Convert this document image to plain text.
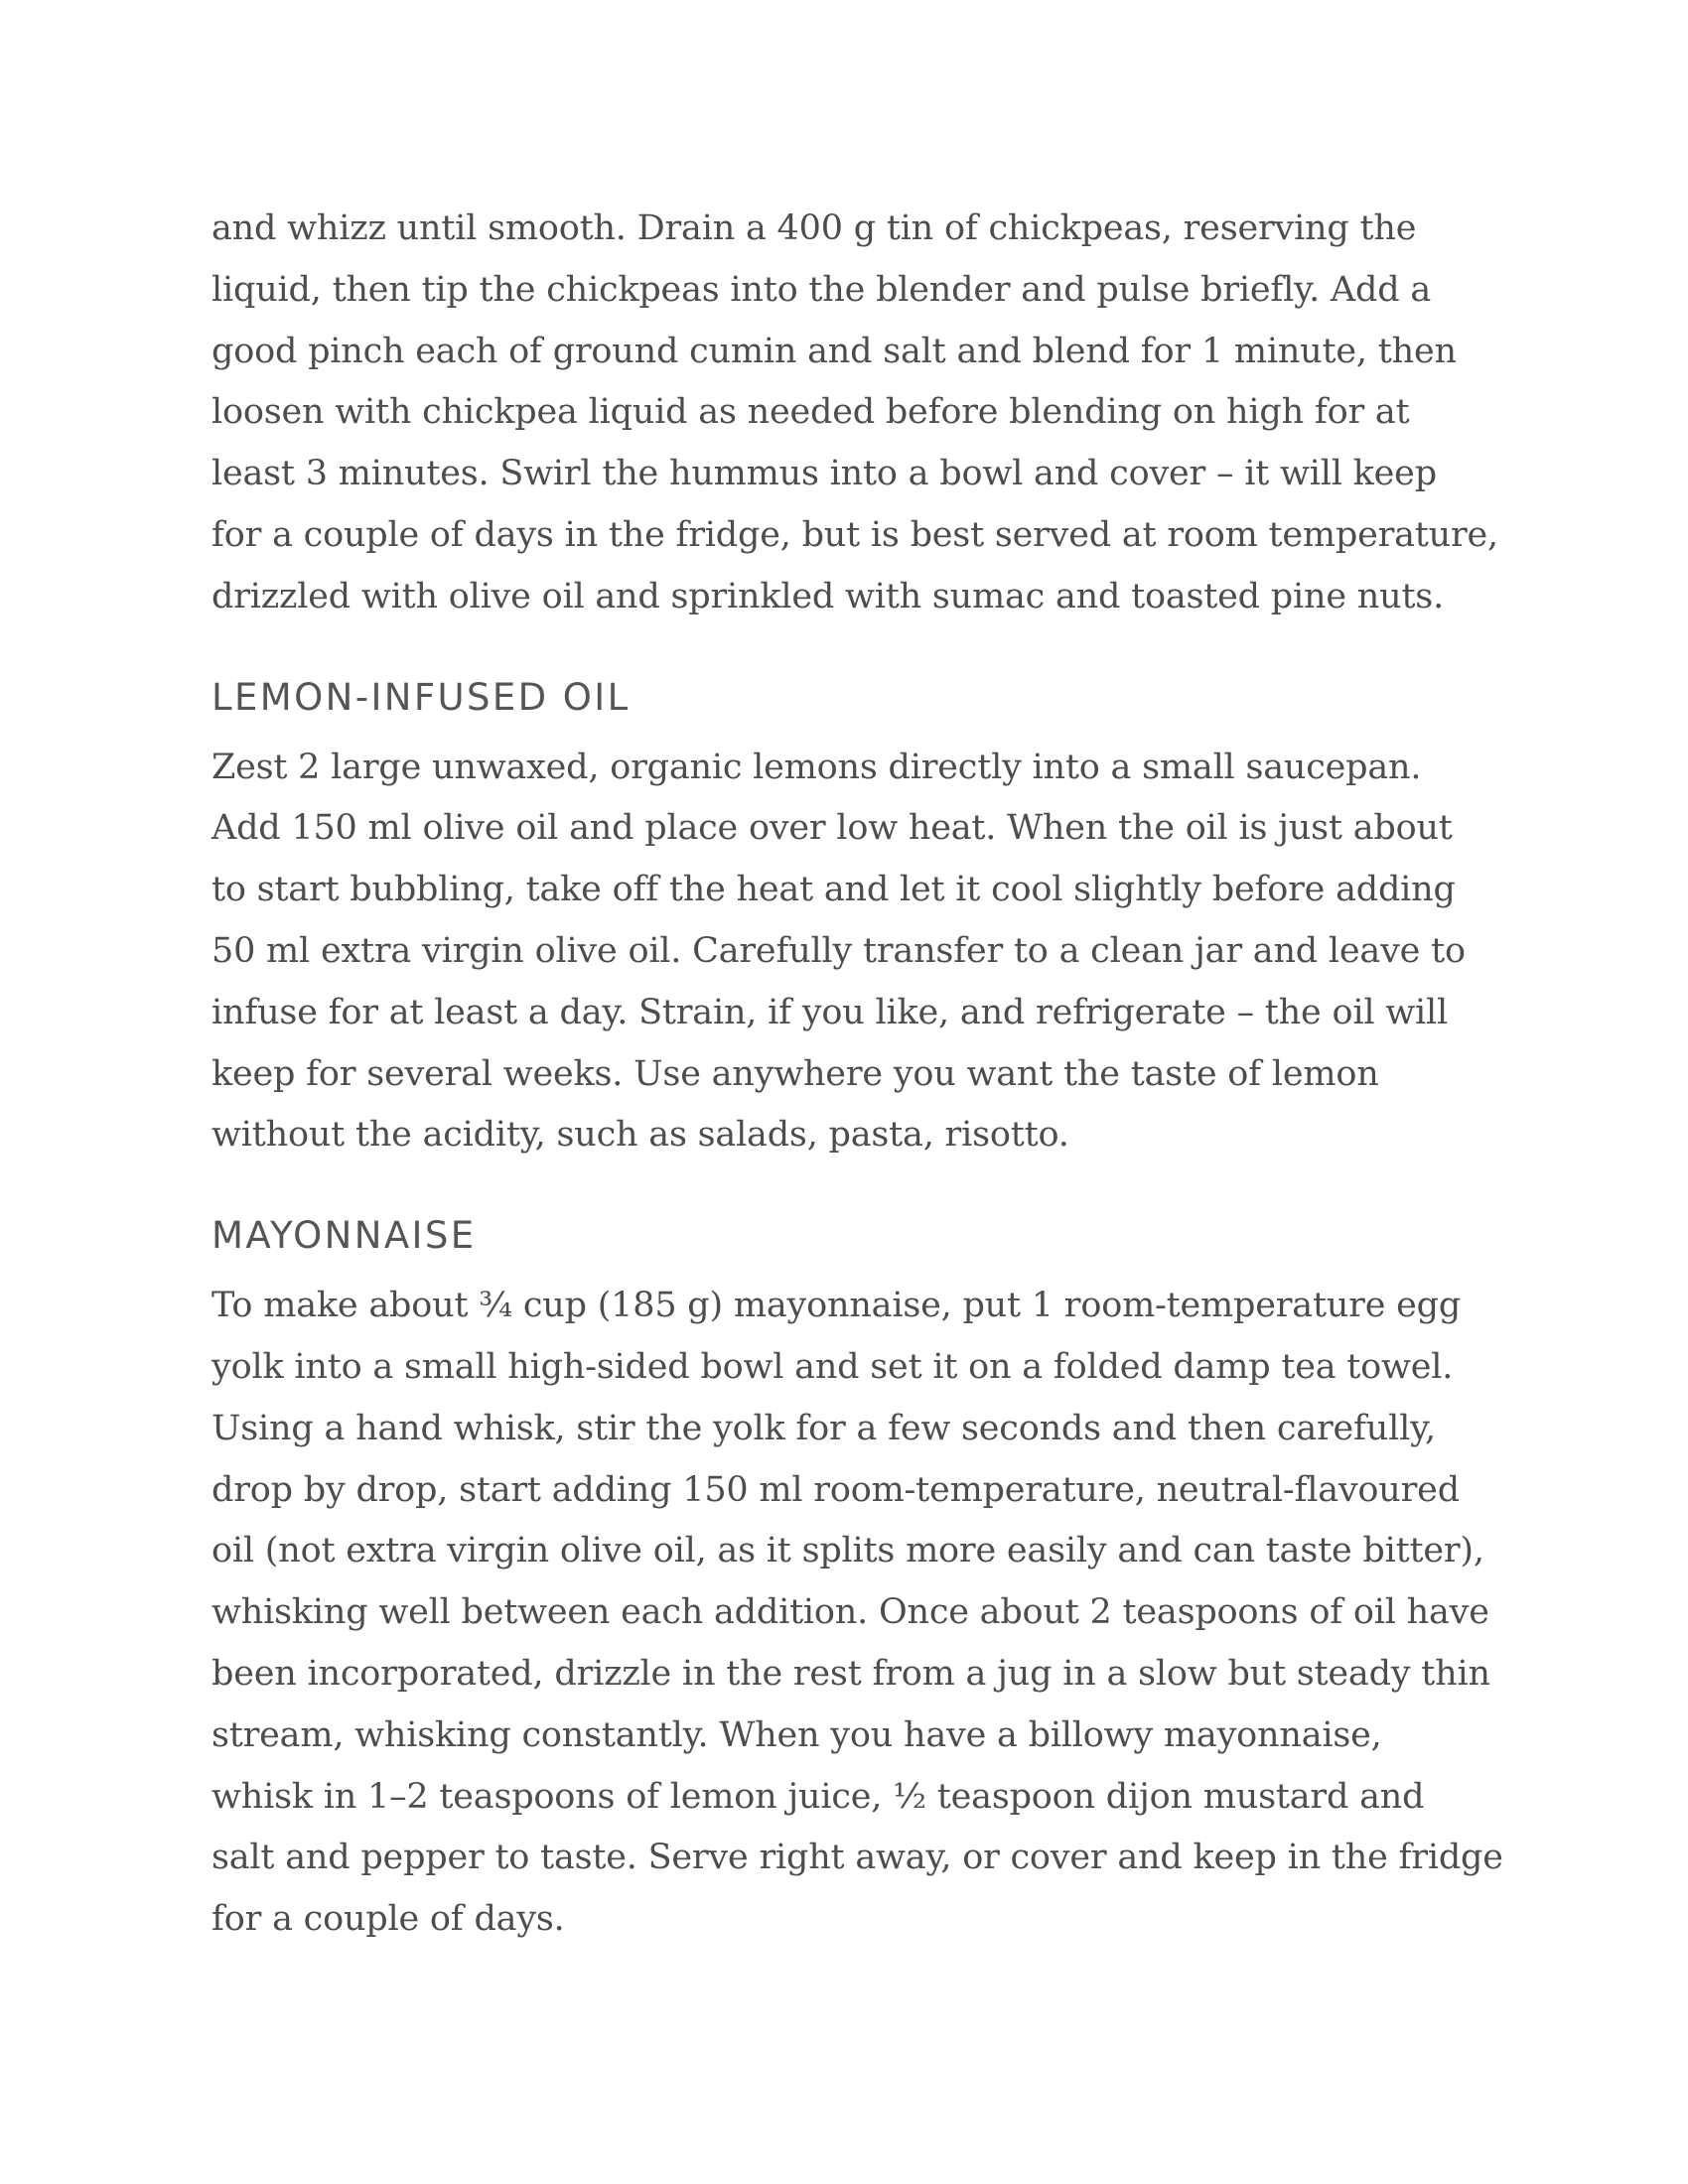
and whizz until smooth. Drain a 400 g tin of chickpeas, reserving the
liquid, then tip the chickpeas into the blender and pulse briefly. Add a
good pinch each of ground cumin and salt and blend for 1 minute, then
loosen with chickpea liquid as needed before blending on high for at
least 3 minutes. Swirl the hummus into a bowl and cover – it will keep
for a couple of days in the fridge, but is best served at room temperature,
drizzled with olive oil and sprinkled with sumac and toasted pine nuts.

LEMON-INFUSED OIL

Zest 2 large unwaxed, organic lemons directly into a small saucepan.
Add 150 ml olive oil and place over low heat. When the oil is just about
to start bubbling, take off the heat and let it cool slightly before adding
50 ml extra virgin olive oil. Carefully transfer to a clean jar and leave to
infuse for at least a day. Strain, if you like, and refrigerate – the oil will
keep for several weeks. Use anywhere you want the taste of lemon
without the acidity, such as salads, pasta, risotto.

MAYONNAISE

To make about ¾ cup (185 g) mayonnaise, put 1 room-temperature egg
yolk into a small high-sided bowl and set it on a folded damp tea towel.
Using a hand whisk, stir the yolk for a few seconds and then carefully,
drop by drop, start adding 150 ml room-temperature, neutral-flavoured
oil (not extra virgin olive oil, as it splits more easily and can taste bitter),
whisking well between each addition. Once about 2 teaspoons of oil have
been incorporated, drizzle in the rest from a jug in a slow but steady thin
stream, whisking constantly. When you have a billowy mayonnaise,
whisk in 1–2 teaspoons of lemon juice, ½ teaspoon dijon mustard and
salt and pepper to taste. Serve right away, or cover and keep in the fridge
for a couple of days.
